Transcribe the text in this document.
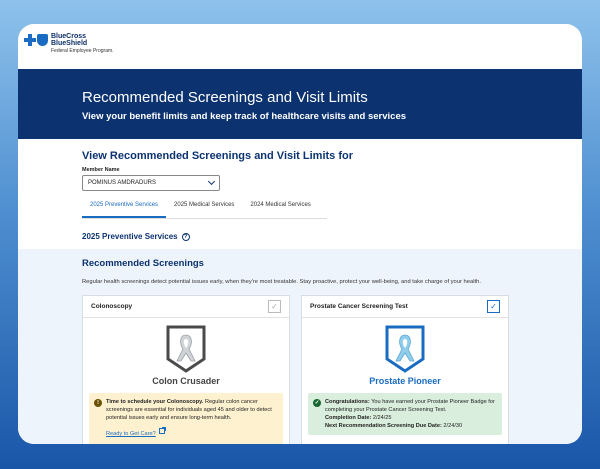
BlueCross
BlueShield
Federal Employee Program.
Recommended Screenings and Visit Limits
View your benefit limits and keep track of healthcare visits and services
View Recommended Screenings and Visit Limits for
Member Name
POMINUS AMDRADURS
2025 Preventive Services	2025 Medical Services	2024 Medical Services
2025 Preventive Services	?
Recommended Screenings
Regular health screenings detect potential issues early, when they're most treatable. Stay proactive, protect your well-being, and take charge of your health.
Colonoscopy	✓
Colon Crusader
!	Time to schedule your Colonoscopy. Regular colon cancer screenings are essential for individuals aged 45 and older to detect potential issues early and ensure long-term health.
Ready to Get Care?
Prostate Cancer Screening Test	✓
Prostate Pioneer
✓	Congratulations: You have earned your Prostate Pioneer Badge for completing your Prostate Cancer Screening Test.
Completion Date: 2/24/25
Next Recommendation Screening Due Date: 2/24/30
